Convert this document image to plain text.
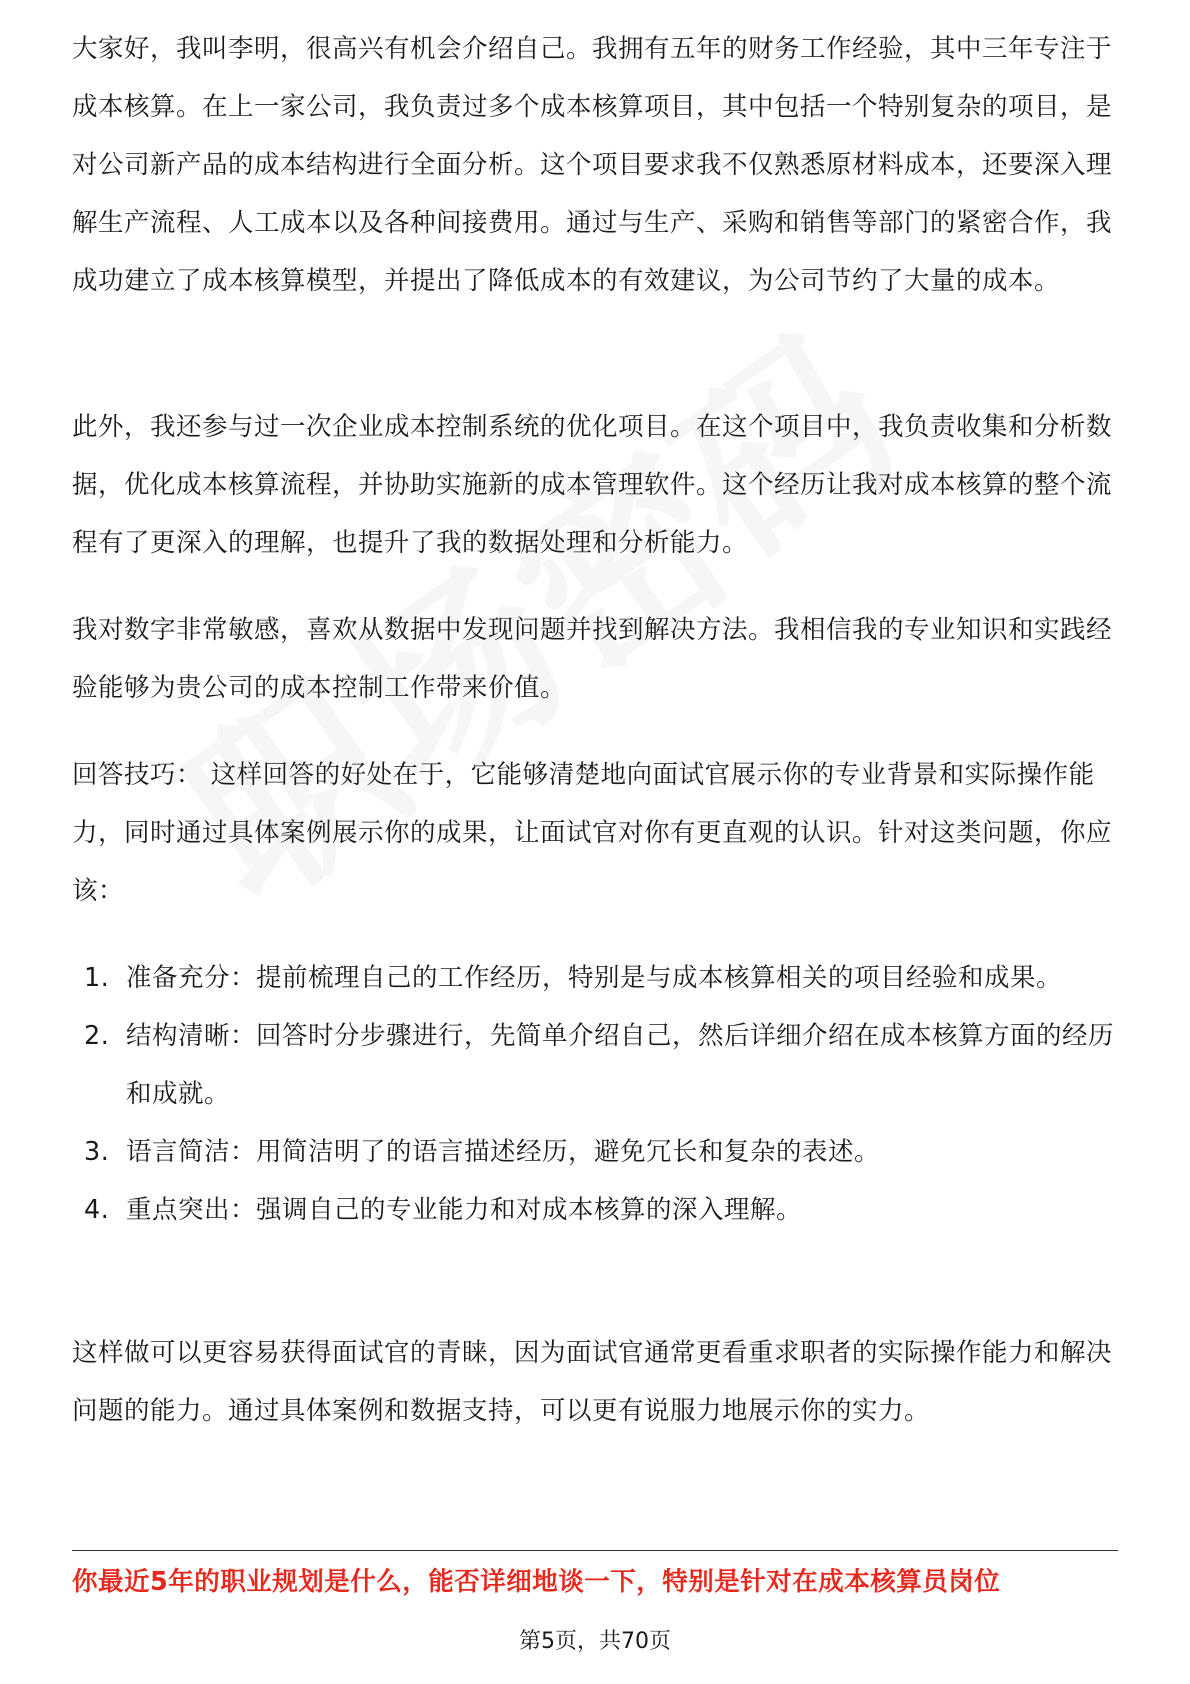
大家好，我叫李明，很高兴有机会介绍自己。我拥有五年的财务工作经验，其中三年专注于成本核算。在上一家公司，我负责过多个成本核算项目，其中包括一个特别复杂的项目，是对公司新产品的成本结构进行全面分析。这个项目要求我不仅熟悉原材料成本，还要深入理解生产流程、人工成本以及各种间接费用。通过与生产、采购和销售等部门的紧密合作，我成功建立了成本核算模型，并提出了降低成本的有效建议，为公司节约了大量的成本。

此外，我还参与过一次企业成本控制系统的优化项目。在这个项目中，我负责收集和分析数据，优化成本核算流程，并协助实施新的成本管理软件。这个经历让我对成本核算的整个流程有了更深入的理解，也提升了我的数据处理和分析能力。

我对数字非常敏感，喜欢从数据中发现问题并找到解决方法。我相信我的专业知识和实践经验能够为贵公司的成本控制工作带来价值。

回答技巧： 这样回答的好处在于，它能够清楚地向面试官展示你的专业背景和实际操作能力，同时通过具体案例展示你的成果，让面试官对你有更直观的认识。针对这类问题，你应该：

1. 准备充分：提前梳理自己的工作经历，特别是与成本核算相关的项目经验和成果。
2. 结构清晰：回答时分步骤进行，先简单介绍自己，然后详细介绍在成本核算方面的经历和成就。
3. 语言简洁：用简洁明了的语言描述经历，避免冗长和复杂的表述。
4. 重点突出：强调自己的专业能力和对成本核算的深入理解。

这样做可以更容易获得面试官的青睐，因为面试官通常更看重求职者的实际操作能力和解决问题的能力。通过具体案例和数据支持，可以更有说服力地展示你的实力。

你最近5年的职业规划是什么，能否详细地谈一下，特别是针对在成本核算员岗位
第5页，共70页
